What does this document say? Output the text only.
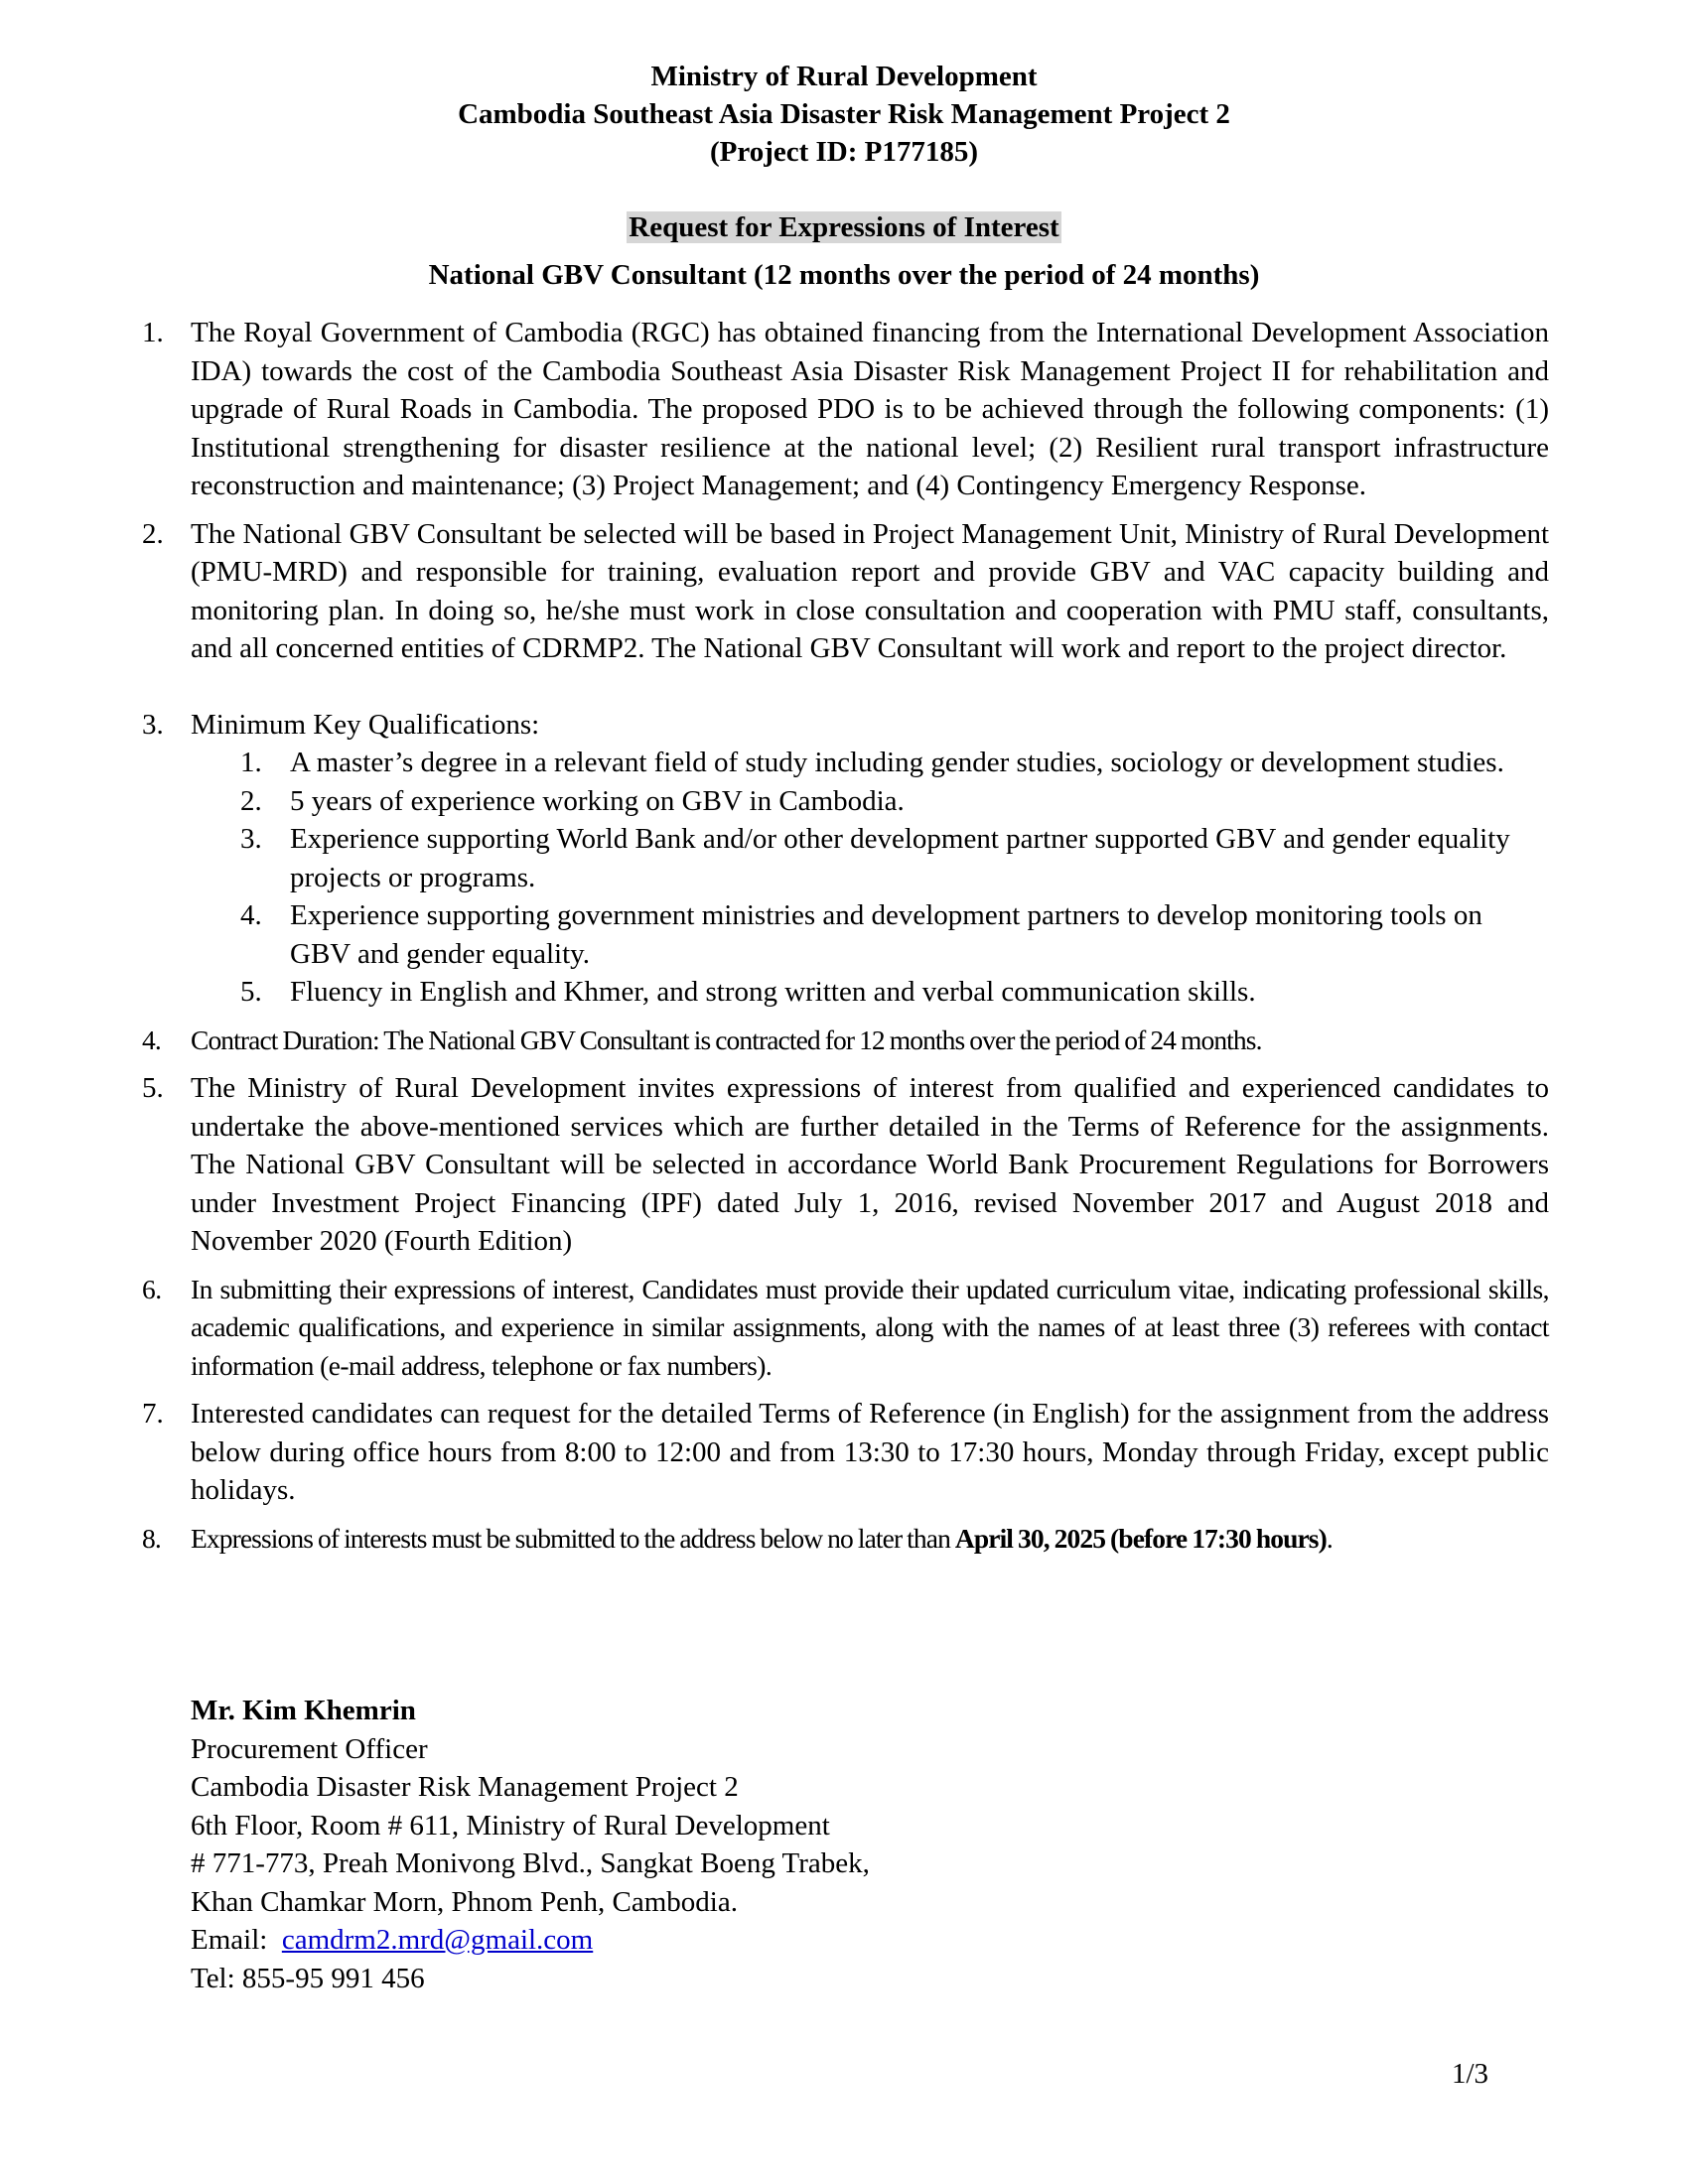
Ministry of Rural Development
Cambodia Southeast Asia Disaster Risk Management Project 2
(Project ID: P177185)
Request for Expressions of Interest
National GBV Consultant (12 months over the period of 24 months)
1. The Royal Government of Cambodia (RGC) has obtained financing from the International Development Association IDA) towards the cost of the Cambodia Southeast Asia Disaster Risk Management Project II for rehabilitation and upgrade of Rural Roads in Cambodia. The proposed PDO is to be achieved through the following components: (1) Institutional strengthening for disaster resilience at the national level; (2) Resilient rural transport infrastructure reconstruction and maintenance; (3) Project Management; and (4) Contingency Emergency Response.
2. The National GBV Consultant be selected will be based in Project Management Unit, Ministry of Rural Development (PMU-MRD) and responsible for training, evaluation report and provide GBV and VAC capacity building and monitoring plan. In doing so, he/she must work in close consultation and cooperation with PMU staff, consultants, and all concerned entities of CDRMP2. The National GBV Consultant will work and report to the project director.
3. Minimum Key Qualifications:
1. A master’s degree in a relevant field of study including gender studies, sociology or development studies.
2. 5 years of experience working on GBV in Cambodia.
3. Experience supporting World Bank and/or other development partner supported GBV and gender equality projects or programs.
4. Experience supporting government ministries and development partners to develop monitoring tools on GBV and gender equality.
5. Fluency in English and Khmer, and strong written and verbal communication skills.
4. Contract Duration: The National GBV Consultant is contracted for 12 months over the period of 24 months.
5. The Ministry of Rural Development invites expressions of interest from qualified and experienced candidates to undertake the above-mentioned services which are further detailed in the Terms of Reference for the assignments. The National GBV Consultant will be selected in accordance World Bank Procurement Regulations for Borrowers under Investment Project Financing (IPF) dated July 1, 2016, revised November 2017 and August 2018 and November 2020 (Fourth Edition)
6. In submitting their expressions of interest, Candidates must provide their updated curriculum vitae, indicating professional skills, academic qualifications, and experience in similar assignments, along with the names of at least three (3) referees with contact information (e-mail address, telephone or fax numbers).
7. Interested candidates can request for the detailed Terms of Reference (in English) for the assignment from the address below during office hours from 8:00 to 12:00 and from 13:30 to 17:30 hours, Monday through Friday, except public holidays.
8. Expressions of interests must be submitted to the address below no later than April 30, 2025 (before 17:30 hours).
Mr. Kim Khemrin
Procurement Officer
Cambodia Disaster Risk Management Project 2
6th Floor, Room # 611, Ministry of Rural Development
# 771-773, Preah Monivong Blvd., Sangkat Boeng Trabek,
Khan Chamkar Morn, Phnom Penh, Cambodia.
Email: camdrm2.mrd@gmail.com
Tel: 855-95 991 456
1/3
